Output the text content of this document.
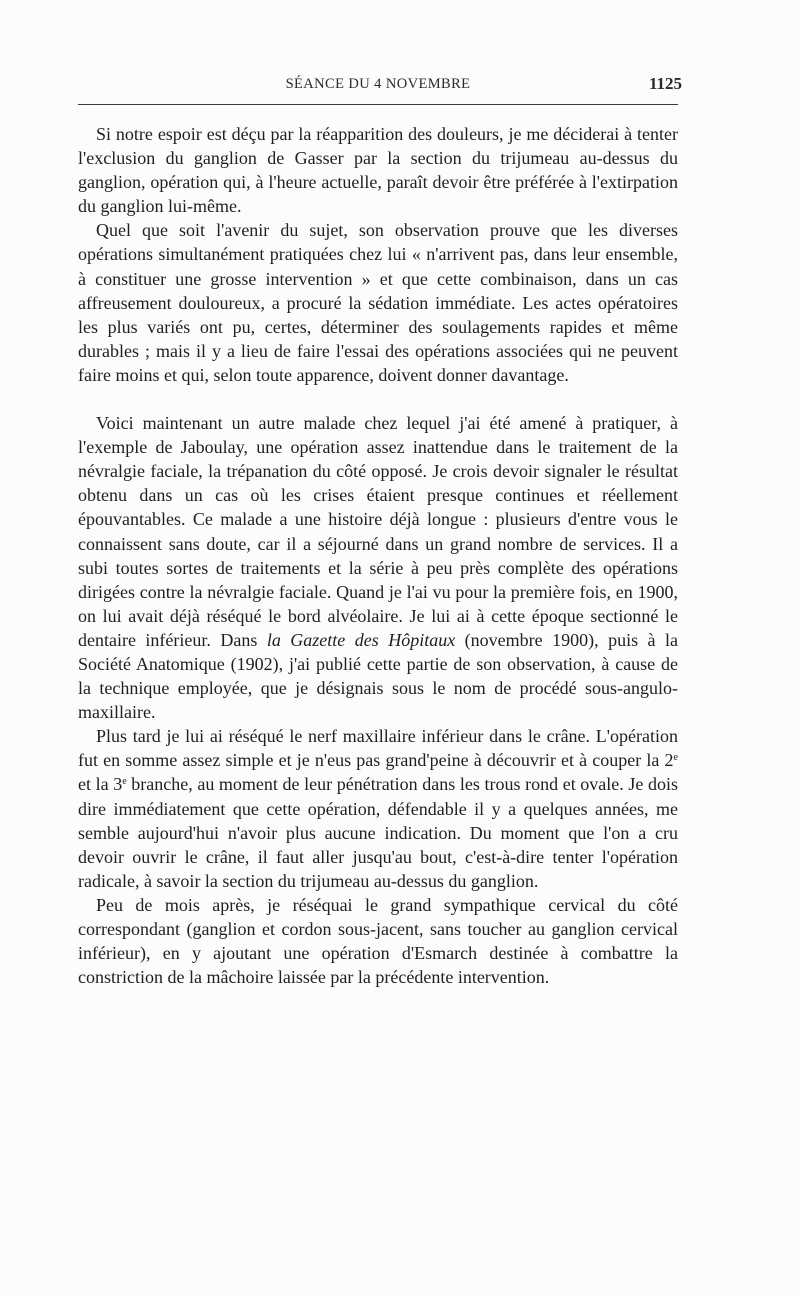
SÉANCE DU 4 NOVEMBRE	1125

Si notre espoir est déçu par la réapparition des douleurs, je me déciderai à tenter l'exclusion du ganglion de Gasser par la section du trijumeau au-dessus du ganglion, opération qui, à l'heure actuelle, paraît devoir être préférée à l'extirpation du ganglion lui-même.

Quel que soit l'avenir du sujet, son observation prouve que les diverses opérations simultanément pratiquées chez lui « n'arrivent pas, dans leur ensemble, à constituer une grosse intervention » et que cette combinaison, dans un cas affreusement douloureux, a procuré la sédation immédiate. Les actes opératoires les plus variés ont pu, certes, déterminer des soulagements rapides et même durables ; mais il y a lieu de faire l'essai des opérations associées qui ne peuvent faire moins et qui, selon toute apparence, doivent donner davantage.

Voici maintenant un autre malade chez lequel j'ai été amené à pratiquer, à l'exemple de Jaboulay, une opération assez inattendue dans le traitement de la névralgie faciale, la trépanation du côté opposé. Je crois devoir signaler le résultat obtenu dans un cas où les crises étaient presque continues et réellement épouvantables. Ce malade a une histoire déjà longue : plusieurs d'entre vous le connaissent sans doute, car il a séjourné dans un grand nombre de services. Il a subi toutes sortes de traitements et la série à peu près complète des opérations dirigées contre la névralgie faciale. Quand je l'ai vu pour la première fois, en 1900, on lui avait déjà réséqué le bord alvéolaire. Je lui ai à cette époque sectionné le dentaire inférieur. Dans la Gazette des Hôpitaux (novembre 1900), puis à la Société Anatomique (1902), j'ai publié cette partie de son observation, à cause de la technique employée, que je désignais sous le nom de procédé sous-angulo-maxillaire.

Plus tard je lui ai réséqué le nerf maxillaire inférieur dans le crâne. L'opération fut en somme assez simple et je n'eus pas grand'peine à découvrir et à couper la 2e et la 3e branche, au moment de leur pénétration dans les trous rond et ovale. Je dois dire immédiatement que cette opération, défendable il y a quelques années, me semble aujourd'hui n'avoir plus aucune indication. Du moment que l'on a cru devoir ouvrir le crâne, il faut aller jusqu'au bout, c'est-à-dire tenter l'opération radicale, à savoir la section du trijumeau au-dessus du ganglion.

Peu de mois après, je réséquai le grand sympathique cervical du côté correspondant (ganglion et cordon sous-jacent, sans toucher au ganglion cervical inférieur), en y ajoutant une opération d'Esmarch destinée à combattre la constriction de la mâchoire laissée par la précédente intervention.
